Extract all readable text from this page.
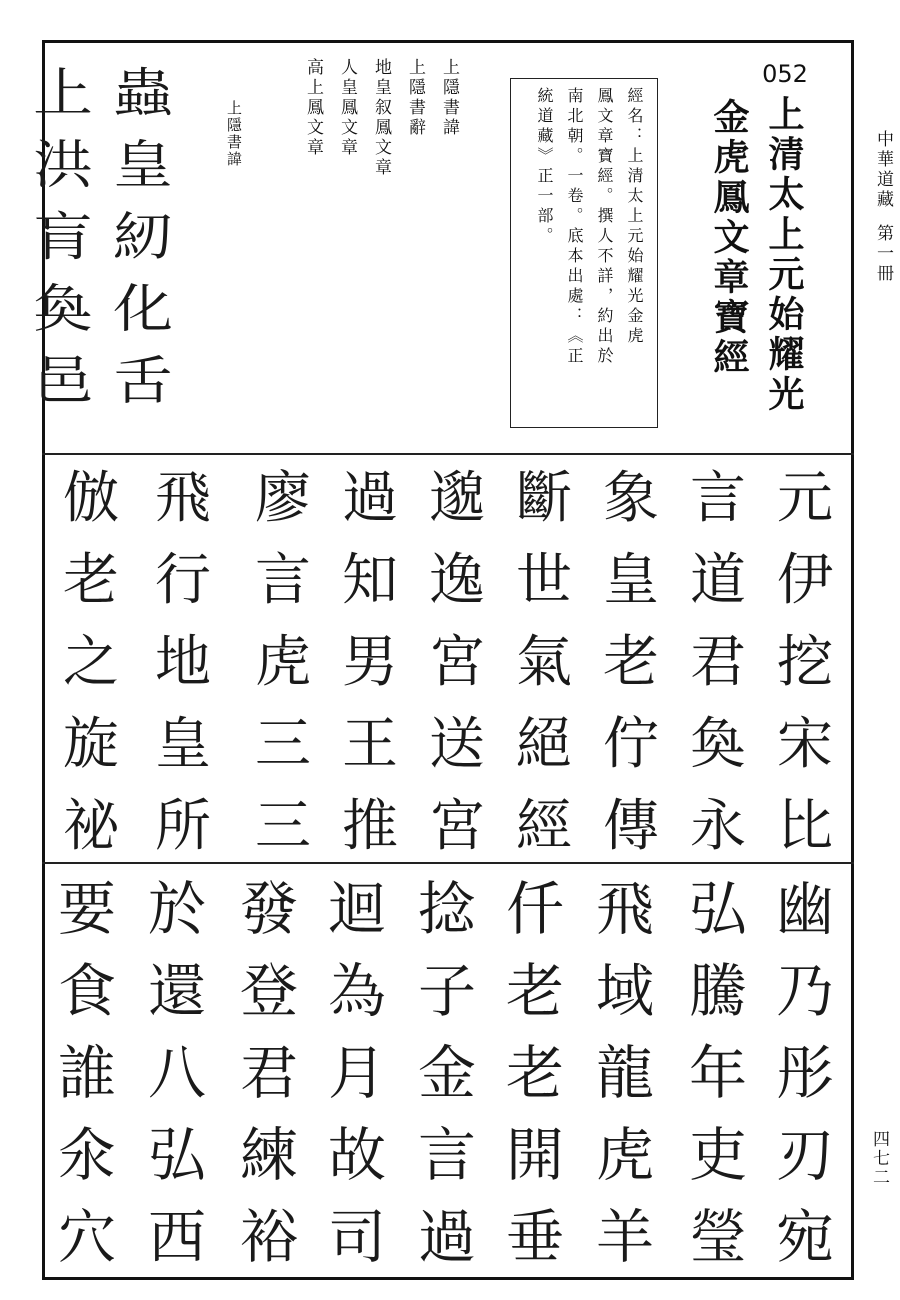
中華道藏第一冊
四七二
052
上清太上元始耀光
金虎鳳文章寶經
經名：上清太上元始耀光金虎
鳳文章寶經。撰人不詳，約出於
南北朝。一卷。底本出處：《正
統道藏》正一部。
上隱書諱
上隱書辭
地皇叙鳳文章
人皇鳳文章
高上鳳文章
上隱書諱
蟲
皇
紉
化
舌
上
洪
肓
奐
邑
元
伊
挖
宋
比
言
道
君
奐
永
象
皇
老
佇
傳
斷
世
氣
絕
經
邈
逸
宮
送
宮
過
知
男
王
推
廖
言
虎
三
三
飛
行
地
皇
所
倣
老
之
旋
祕
幽
乃
彤
刃
宛
弘
騰
年
吏
瑩
飛
域
龍
虎
羊
仟
老
老
開
垂
捻
子
金
言
過
迴
為
月
故
司
發
登
君
練
裕
於
還
八
弘
西
要
食
誰
氽
穴
